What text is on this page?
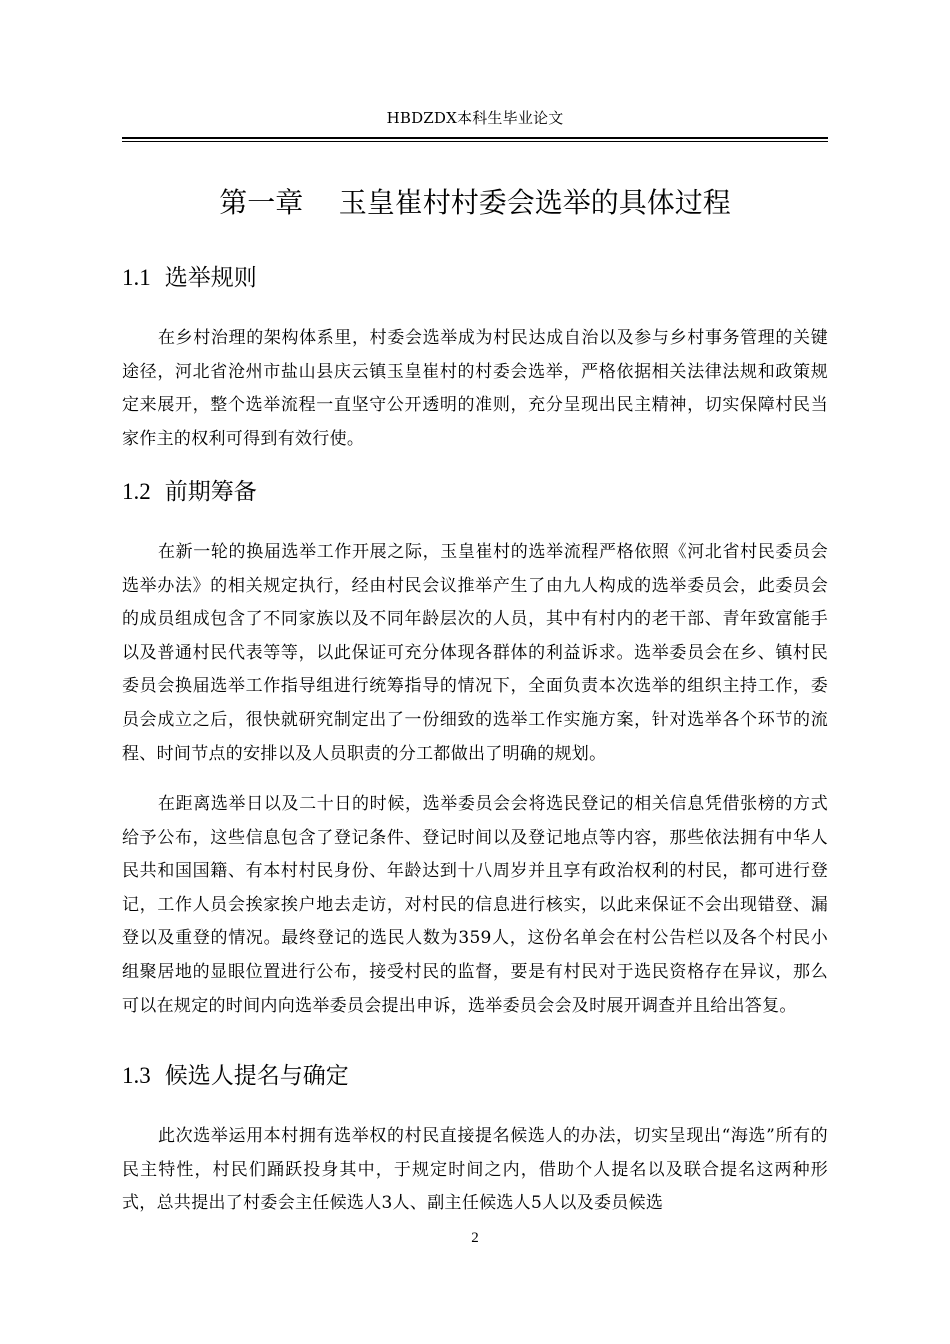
HBDZDX本科生毕业论文
第一章    玉皇崔村村委会选举的具体过程
1.1 选举规则

在乡村治理的架构体系里，村委会选举成为村民达成自治以及参与乡村事务管理的关键途径，河北省沧州市盐山县庆云镇玉皇崔村的村委会选举，严格依据相关法律法规和政策规定来展开，整个选举流程一直坚守公开透明的准则，充分呈现出民主精神，切实保障村民当家作主的权利可得到有效行使。

1.2 前期筹备

在新一轮的换届选举工作开展之际，玉皇崔村的选举流程严格依照《河北省村民委员会选举办法》的相关规定执行，经由村民会议推举产生了由九人构成的选举委员会，此委员会的成员组成包含了不同家族以及不同年龄层次的人员，其中有村内的老干部、青年致富能手以及普通村民代表等等，以此保证可充分体现各群体的利益诉求。选举委员会在乡、镇村民委员会换届选举工作指导组进行统筹指导的情况下，全面负责本次选举的组织主持工作，委员会成立之后，很快就研究制定出了一份细致的选举工作实施方案，针对选举各个环节的流程、时间节点的安排以及人员职责的分工都做出了明确的规划。

在距离选举日以及二十日的时候，选举委员会会将选民登记的相关信息凭借张榜的方式给予公布，这些信息包含了登记条件、登记时间以及登记地点等内容，那些依法拥有中华人民共和国国籍、有本村村民身份、年龄达到十八周岁并且享有政治权利的村民，都可进行登记，工作人员会挨家挨户地去走访，对村民的信息进行核实，以此来保证不会出现错登、漏登以及重登的情况。最终登记的选民人数为359人，这份名单会在村公告栏以及各个村民小组聚居地的显眼位置进行公布，接受村民的监督，要是有村民对于选民资格存在异议，那么可以在规定的时间内向选举委员会提出申诉，选举委员会会及时展开调查并且给出答复。

1.3 候选人提名与确定

此次选举运用本村拥有选举权的村民直接提名候选人的办法，切实呈现出“海选”所有的民主特性，村民们踊跃投身其中，于规定时间之内，借助个人提名以及联合提名这两种形式，总共提出了村委会主任候选人3人、副主任候选人5人以及委员候选

2
